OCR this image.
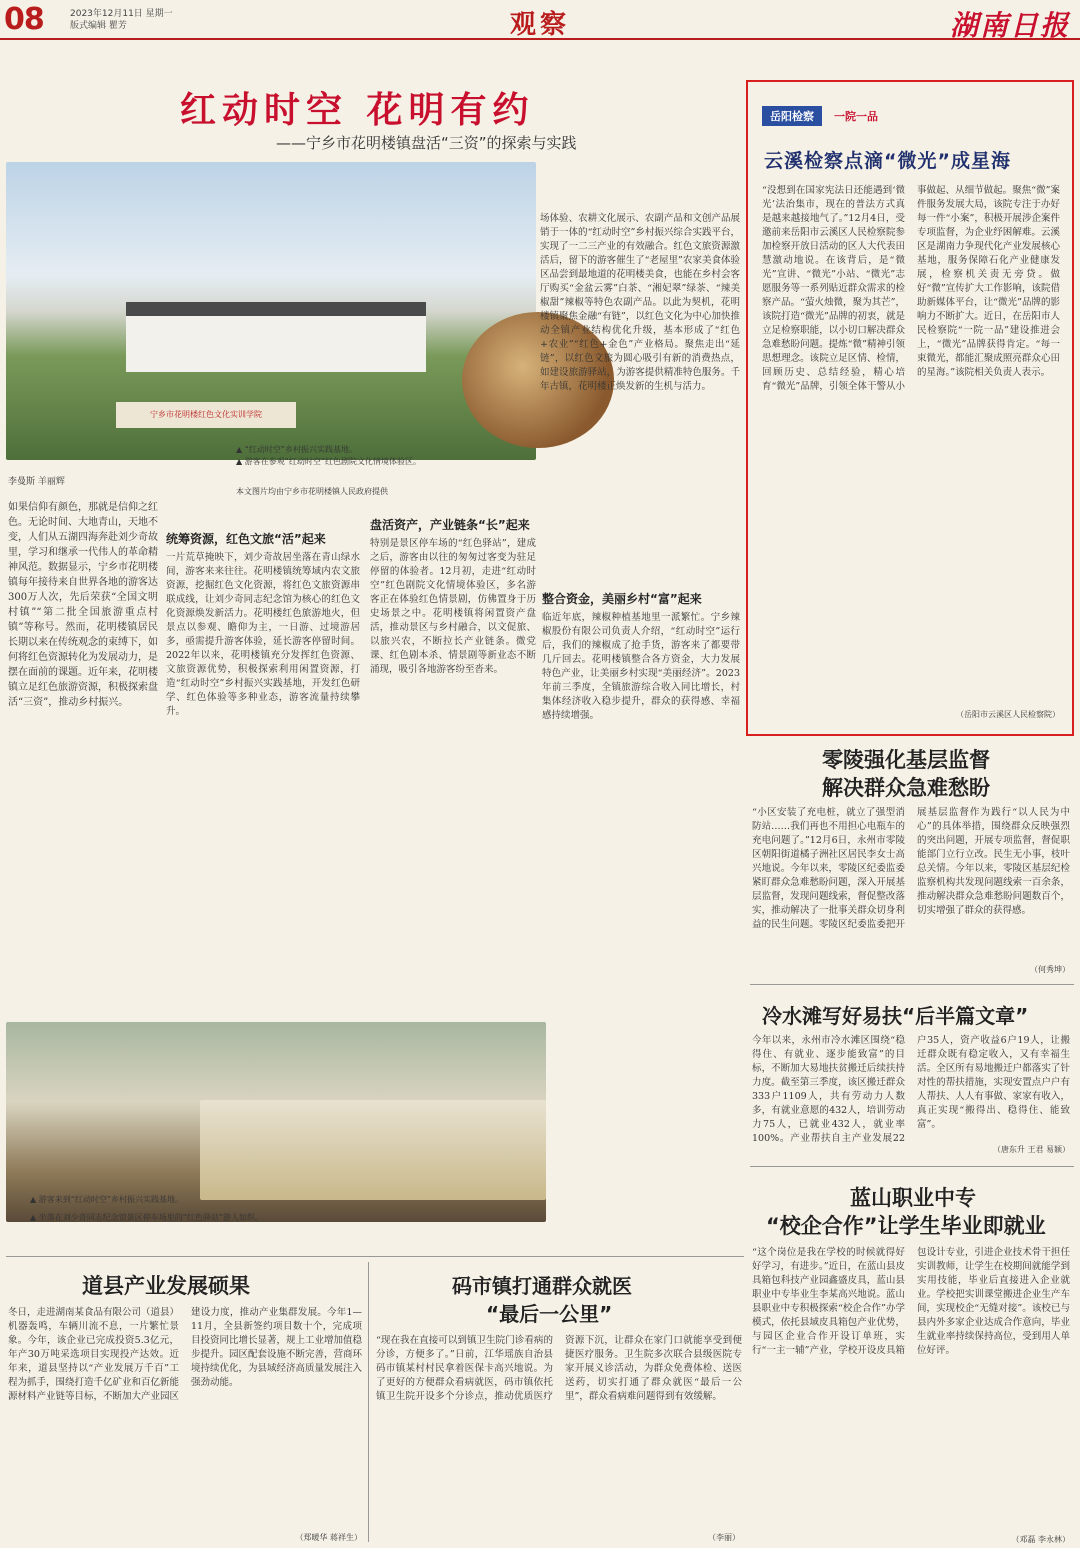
08	2023年12月11日 星期一
版式编辑 瞿芳	观察	湖南日报
红动时空 花明有约
——宁乡市花明楼镇盘活“三资”的探索与实践
宁乡市花明楼红色文化实训学院
▲ “红动时空”乡村振兴实践基地。
▲ 游客在参观“红动时空”红色剧院文化情境体验区。
本文图片均由宁乡市花明楼镇人民政府提供
场体验、农耕文化展示、农副产品和文创产品展销于一体的“红动时空”乡村振兴综合实践平台，实现了一二三产业的有效融合。红色文旅资源激活后，留下的游客催生了“老屋里”农家美食体验区品尝到最地道的花明楼美食，也能在乡村会客厅购买“金盆云雾”白茶、“湘妃翠”绿茶、“辣美椒甜”辣椒等特色农副产品。以此为契机，花明楼镇聚焦金融“有链”，以红色文化为中心加快推动全镇产业结构优化升级，基本形成了“红色+农业”“红色+金色”产业格局。聚焦走出“延链”，以红色文旅为圆心吸引有新的消费热点，如建设旅游驿站，为游客提供精准特色服务。千年古镇，花明楼正焕发新的生机与活力。
李曼斯 羊丽辉
如果信仰有颜色，那就是信仰之红色。无论时间、大地青山，天地不变，人们从五湖四海奔赴刘少奇故里，学习和继承一代伟人的革命精神风范。数据显示，宁乡市花明楼镇每年接待来自世界各地的游客达300万人次，先后荣获“全国文明村镇”“第二批全国旅游重点村镇”等称号。然而，花明楼镇居民长期以来在传统观念的束缚下，如何将红色资源转化为发展动力，是摆在面前的课题。近年来，花明楼镇立足红色旅游资源，积极探索盘活“三资”，推动乡村振兴。
统筹资源，红色文旅“活”起来
一片荒草掩映下，刘少奇故居坐落在青山绿水间，游客来来往往。花明楼镇统筹域内农文旅资源，挖掘红色文化资源，将红色文旅资源串联成线，让刘少奇同志纪念馆为核心的红色文化资源焕发新活力。花明楼红色旅游地火，但景点以参观、瞻仰为主，一日游、过境游居多，亟需提升游客体验，延长游客停留时间。2022年以来，花明楼镇充分发挥红色资源、文旅资源优势，积极探索利用闲置资源，打造“红动时空”乡村振兴实践基地，开发红色研学、红色体验等多种业态，游客流量持续攀升。
盘活资产，产业链条“长”起来
特别是景区停车场的“红色驿站”，建成之后，游客由以往的匆匆过客变为驻足停留的体验者。12月初，走进“红动时空”红色剧院文化情境体验区，多名游客正在体验红色情景剧，仿佛置身于历史场景之中。花明楼镇将闲置资产盘活，推动景区与乡村融合，以文促旅、以旅兴农，不断拉长产业链条。微党课、红色剧本杀、情景剧等新业态不断涌现，吸引各地游客纷至沓来。
整合资金，美丽乡村“富”起来
临近年底，辣椒种植基地里一派繁忙。宁乡辣椒股份有限公司负责人介绍，“红动时空”运行后，我们的辣椒成了抢手货，游客来了都要带几斤回去。花明楼镇整合各方资金，大力发展特色产业，让美丽乡村实现“美丽经济”。2023年前三季度，全镇旅游综合收入同比增长，村集体经济收入稳步提升，群众的获得感、幸福感持续增强。
▲ 游客来到“红动时空”乡村振兴实践基地。
▲ 坐落在刘少奇同志纪念馆景区停车场里的“红色驿站”游人如织。
岳阳检察	一院一品
云溪检察点滴“微光”成星海
“没想到在国家宪法日还能遇到‘微光’法治集市，现在的普法方式真是越来越接地气了。”12月4日，受邀前来岳阳市云溪区人民检察院参加检察开放日活动的区人大代表田慧激动地说。在该背后，是“微光”宣讲、“微光”小站、“微光”志愿服务等一系列贴近群众需求的检察产品。“萤火烛微，聚为其芒”，该院打造“微光”品牌的初衷，就是立足检察职能，以小切口解决群众急难愁盼问题。提炼“微”精神引领思想理念。该院立足区情、检情，回顾历史、总结经验，精心培育“微光”品牌，引领全体干警从小事做起、从细节做起。聚焦“微”案件服务发展大局，该院专注于办好每一件“小案”，积极开展涉企案件专项监督，为企业纾困解难。云溪区是湖南力争现代化产业发展核心基地，服务保障石化产业健康发展，检察机关责无旁贷。做好“微”宣传扩大工作影响，该院借助新媒体平台，让“微光”品牌的影响力不断扩大。近日，在岳阳市人民检察院“一院一品”建设推进会上，“微光”品牌获得肯定。“每一束微光，都能汇聚成照亮群众心田的星海。”该院相关负责人表示。
（岳阳市云溪区人民检察院）
零陵强化基层监督
解决群众急难愁盼
“小区安装了充电桩，就立了强型消防站……我们再也不用担心电瓶车的充电问题了。”12月6日，永州市零陵区朝阳街道橘子洲社区居民李女士高兴地说。今年以来，零陵区纪委监委紧盯群众急难愁盼问题，深入开展基层监督，发现问题线索，督促整改落实，推动解决了一批事关群众切身利益的民生问题。零陵区纪委监委把开展基层监督作为践行“以人民为中心”的具体举措，围绕群众反映强烈的突出问题，开展专项监督，督促职能部门立行立改。民生无小事，枝叶总关情。今年以来，零陵区基层纪检监察机构共发现问题线索一百余条，推动解决群众急难愁盼问题数百个，切实增强了群众的获得感。
（何秀坤）
冷水滩写好易扶“后半篇文章”
今年以来，永州市冷水滩区围绕“稳得住、有就业、逐步能致富”的目标，不断加大易地扶贫搬迁后续扶持力度。截至第三季度，该区搬迁群众333户1109人，共有劳动力人数多，有就业意愿的432人，培训劳动力75人，已就业432人，就业率100%。产业帮扶自主产业发展22户35人，资产收益6户19人，让搬迁群众既有稳定收入，又有幸福生活。全区所有易地搬迁户都落实了针对性的帮扶措施，实现安置点户户有人帮扶、人人有事做、家家有收入，真正实现“搬得出、稳得住、能致富”。
（唐东升 王君 易颖）
蓝山职业中专
“校企合作”让学生毕业即就业
“这个岗位是我在学校的时候就得好好学习，有进步。”近日，在蓝山县皮具箱包科技产业园鑫盛皮具，蓝山县职业中专毕业生李某高兴地说。蓝山县职业中专积极探索“校企合作”办学模式，依托县域皮具箱包产业优势，与园区企业合作开设订单班，实行“一主一辅”产业，学校开设皮具箱包设计专业，引进企业技术骨干担任实训教师，让学生在校期间就能学到实用技能，毕业后直接进入企业就业。学校把实训课堂搬进企业生产车间，实现校企“无缝对接”。该校已与县内外多家企业达成合作意向，毕业生就业率持续保持高位，受到用人单位好评。
（邓磊 李永林）
道县产业发展硕果
冬日，走进湖南某食品有限公司（道县）机器轰鸣，车辆川流不息，一片繁忙景象。今年，该企业已完成投资5.3亿元，年产30万吨采选项目实现投产达效。近年来，道县坚持以“产业发展万千百”工程为抓手，围绕打造千亿矿业和百亿新能源材料产业链等目标，不断加大产业园区建设力度，推动产业集群发展。今年1—11月，全县新签约项目数十个，完成项目投资同比增长显著，规上工业增加值稳步提升。园区配套设施不断完善，营商环境持续优化，为县域经济高质量发展注入强劲动能。
（郑暖华 蒋祥生）
码市镇打通群众就医
“最后一公里”
“现在我在直接可以到镇卫生院门诊看病的分诊，方便多了。”日前，江华瑶族自治县码市镇某村村民拿着医保卡高兴地说。为了更好的方便群众看病就医，码市镇依托镇卫生院开设多个分诊点，推动优质医疗资源下沉，让群众在家门口就能享受到便捷医疗服务。卫生院多次联合县级医院专家开展义诊活动，为群众免费体检、送医送药，切实打通了群众就医“最后一公里”，群众看病难问题得到有效缓解。
（李丽）
